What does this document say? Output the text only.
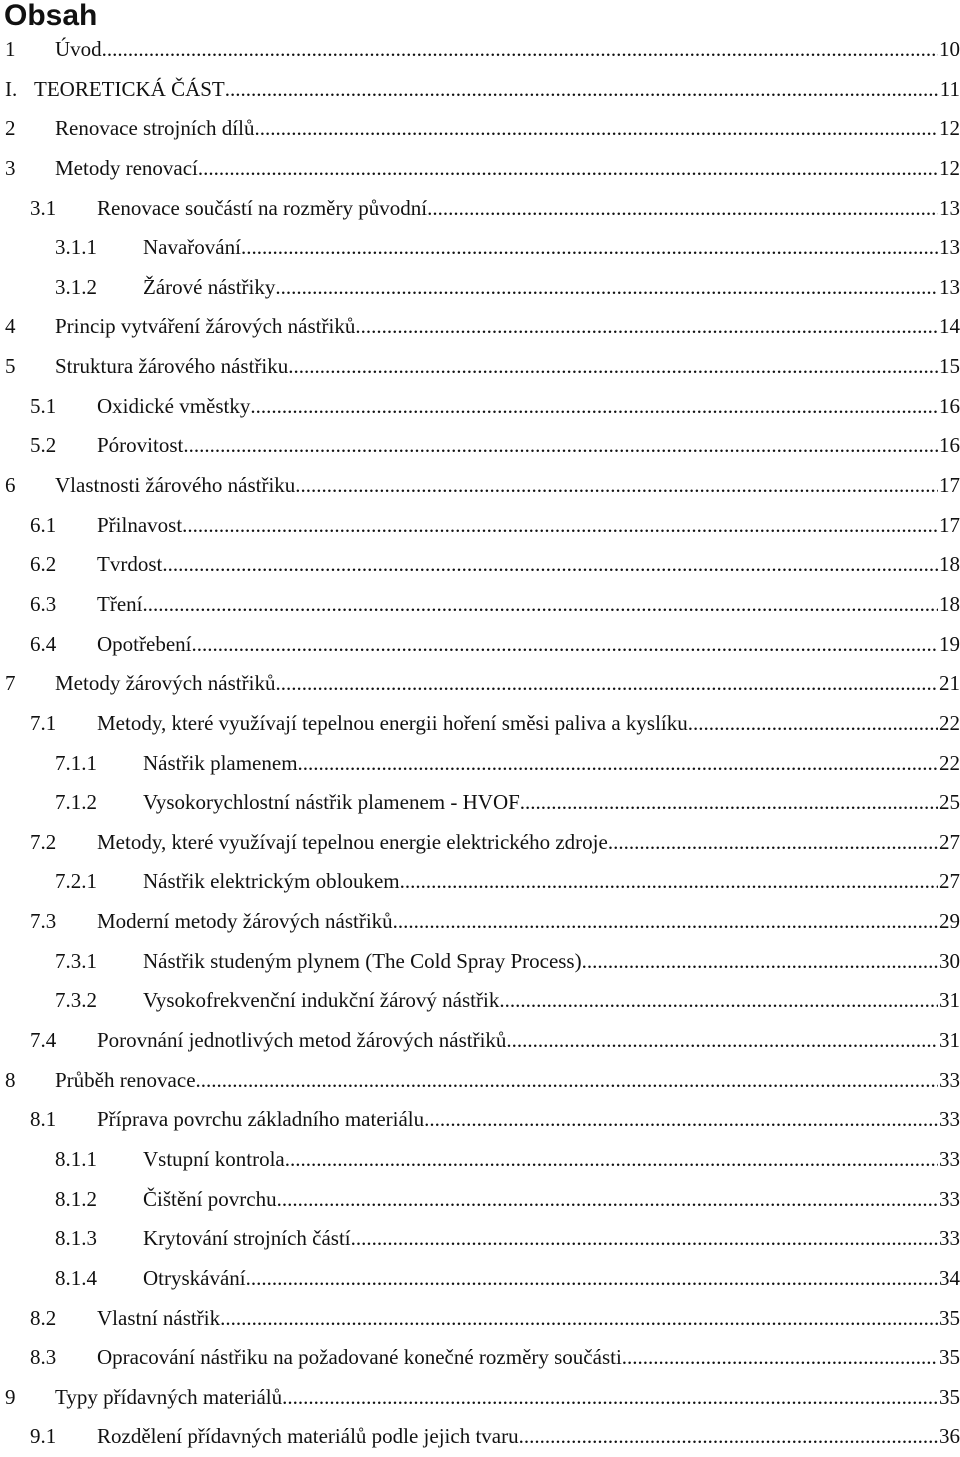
Obsah
1 Úvod .....	10
I. TEORETICKÁ ČÁST .....	11
2 Renovace strojních dílů .....	12
3 Metody renovací .....	12
3.1 Renovace součástí na rozměry původní .....	13
3.1.1 Navařování .....	13
3.1.2 Žárové nástřiky .....	13
4 Princip vytváření žárových nástřiků .....	14
5 Struktura žárového nástřiku .....	15
5.1 Oxidické vměstky .....	16
5.2 Pórovitost .....	16
6 Vlastnosti žárového nástřiku .....	17
6.1 Přilnavost .....	17
6.2 Tvrdost .....	18
6.3 Tření .....	18
6.4 Opotřebení .....	19
7 Metody žárových nástřiků .....	21
7.1 Metody, které využívají tepelnou energii hoření směsi paliva a kyslíku .....	22
7.1.1 Nástřik plamenem .....	22
7.1.2 Vysokorychlostní nástřik plamenem - HVOF .....	25
7.2 Metody, které využívají tepelnou energie elektrického zdroje .....	27
7.2.1 Nástřik elektrickým obloukem .....	27
7.3 Moderní metody žárových nástřiků .....	29
7.3.1 Nástřik studeným plynem (The Cold Spray Process) .....	30
7.3.2 Vysokofrekvenční indukční žárový nástřik .....	31
7.4 Porovnání jednotlivých metod žárových nástřiků .....	31
8 Průběh renovace .....	33
8.1 Příprava povrchu základního materiálu .....	33
8.1.1 Vstupní kontrola .....	33
8.1.2 Čištění povrchu .....	33
8.1.3 Krytování strojních částí .....	33
8.1.4 Otryskávání .....	34
8.2 Vlastní nástřik .....	35
8.3 Opracování nástřiku na požadované konečné rozměry součásti .....	35
9 Typy přídavných materiálů .....	35
9.1 Rozdělení přídavných materiálů podle jejich tvaru .....	36
